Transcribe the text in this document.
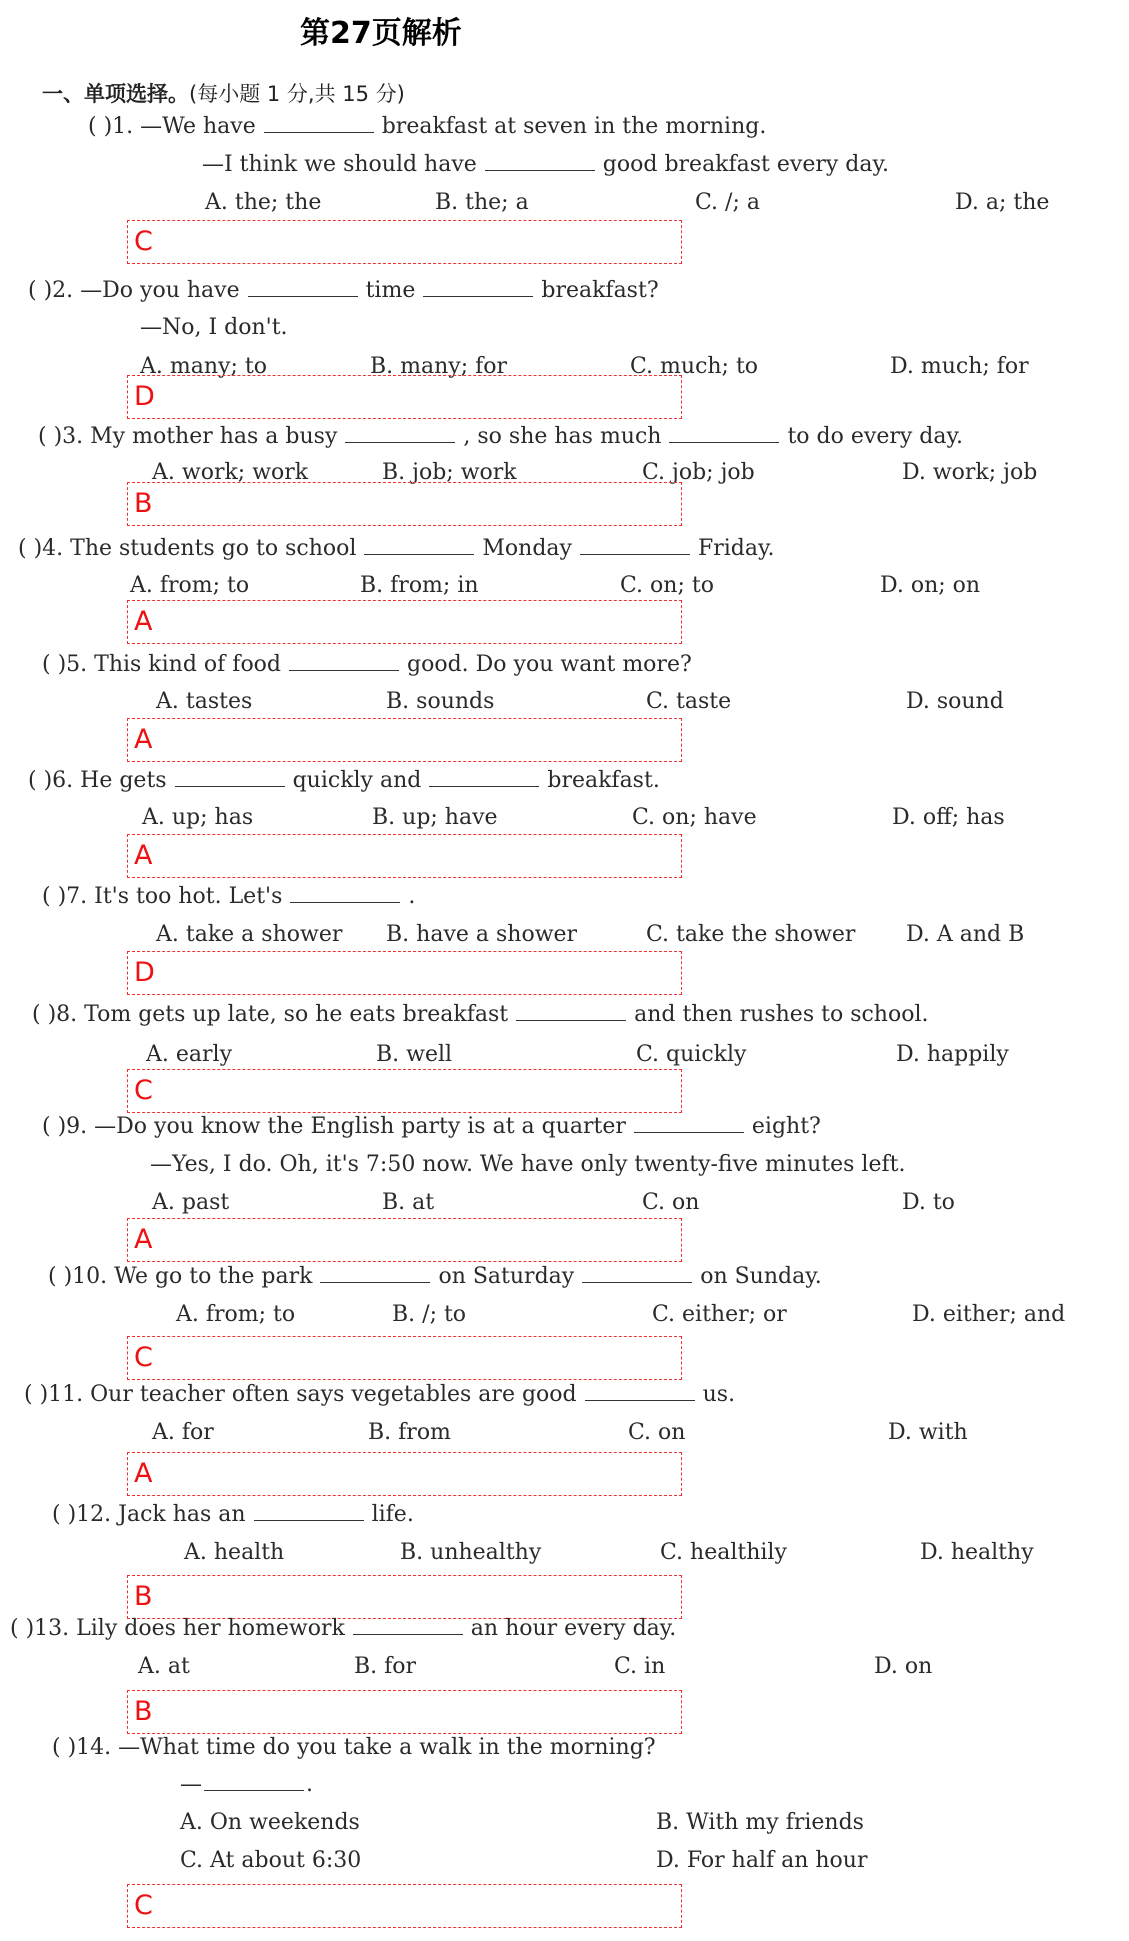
第27页解析
一、单项选择。(每小题 1 分,共 15 分)
( )1. —We have	breakfast at seven in the morning.
—I think we should have	good breakfast every day.
A. the; the	B. the; a	C. /; a	D. a; the
C
( )2. —Do you have	time	breakfast?
—No, I don't.
A. many; to	B. many; for	C. much; to	D. much; for
D
( )3. My mother has a busy	, so she has much	to do every day.
A. work; work	B. job; work	C. job; job	D. work; job
B
( )4. The students go to school	Monday	Friday.
A. from; to	B. from; in	C. on; to	D. on; on
A
( )5. This kind of food	good. Do you want more?
A. tastes	B. sounds	C. taste	D. sound
A
( )6. He gets	quickly and	breakfast.
A. up; has	B. up; have	C. on; have	D. off; has
A
( )7. It's too hot. Let's	.
A. take a shower B. have a shower	C. take the shower D. A and B
D
( )8. Tom gets up late, so he eats breakfast	and then rushes to school.
A. early	B. well	C. quickly	D. happily
C
( )9. —Do you know the English party is at a quarter	eight?
—Yes, I do. Oh, it's 7:50 now. We have only twenty-five minutes left.
A. past	B. at	C. on	D. to
A
( )10. We go to the park	on Saturday	on Sunday.
A. from; to	B. /; to	C. either; or	D. either; and
C
( )11. Our teacher often says vegetables are good	us.
A. for	B. from	C. on	D. with
A
( )12. Jack has an	life.
A. health	B. unhealthy	C. healthily	D. healthy
B
( )13. Lily does her homework	an hour every day.
A. at	B. for	C. in	D. on
B
( )14. —What time do you take a walk in the morning?
—	.
A. On weekends	B. With my friends
C. At about 6:30	D. For half an hour
C
